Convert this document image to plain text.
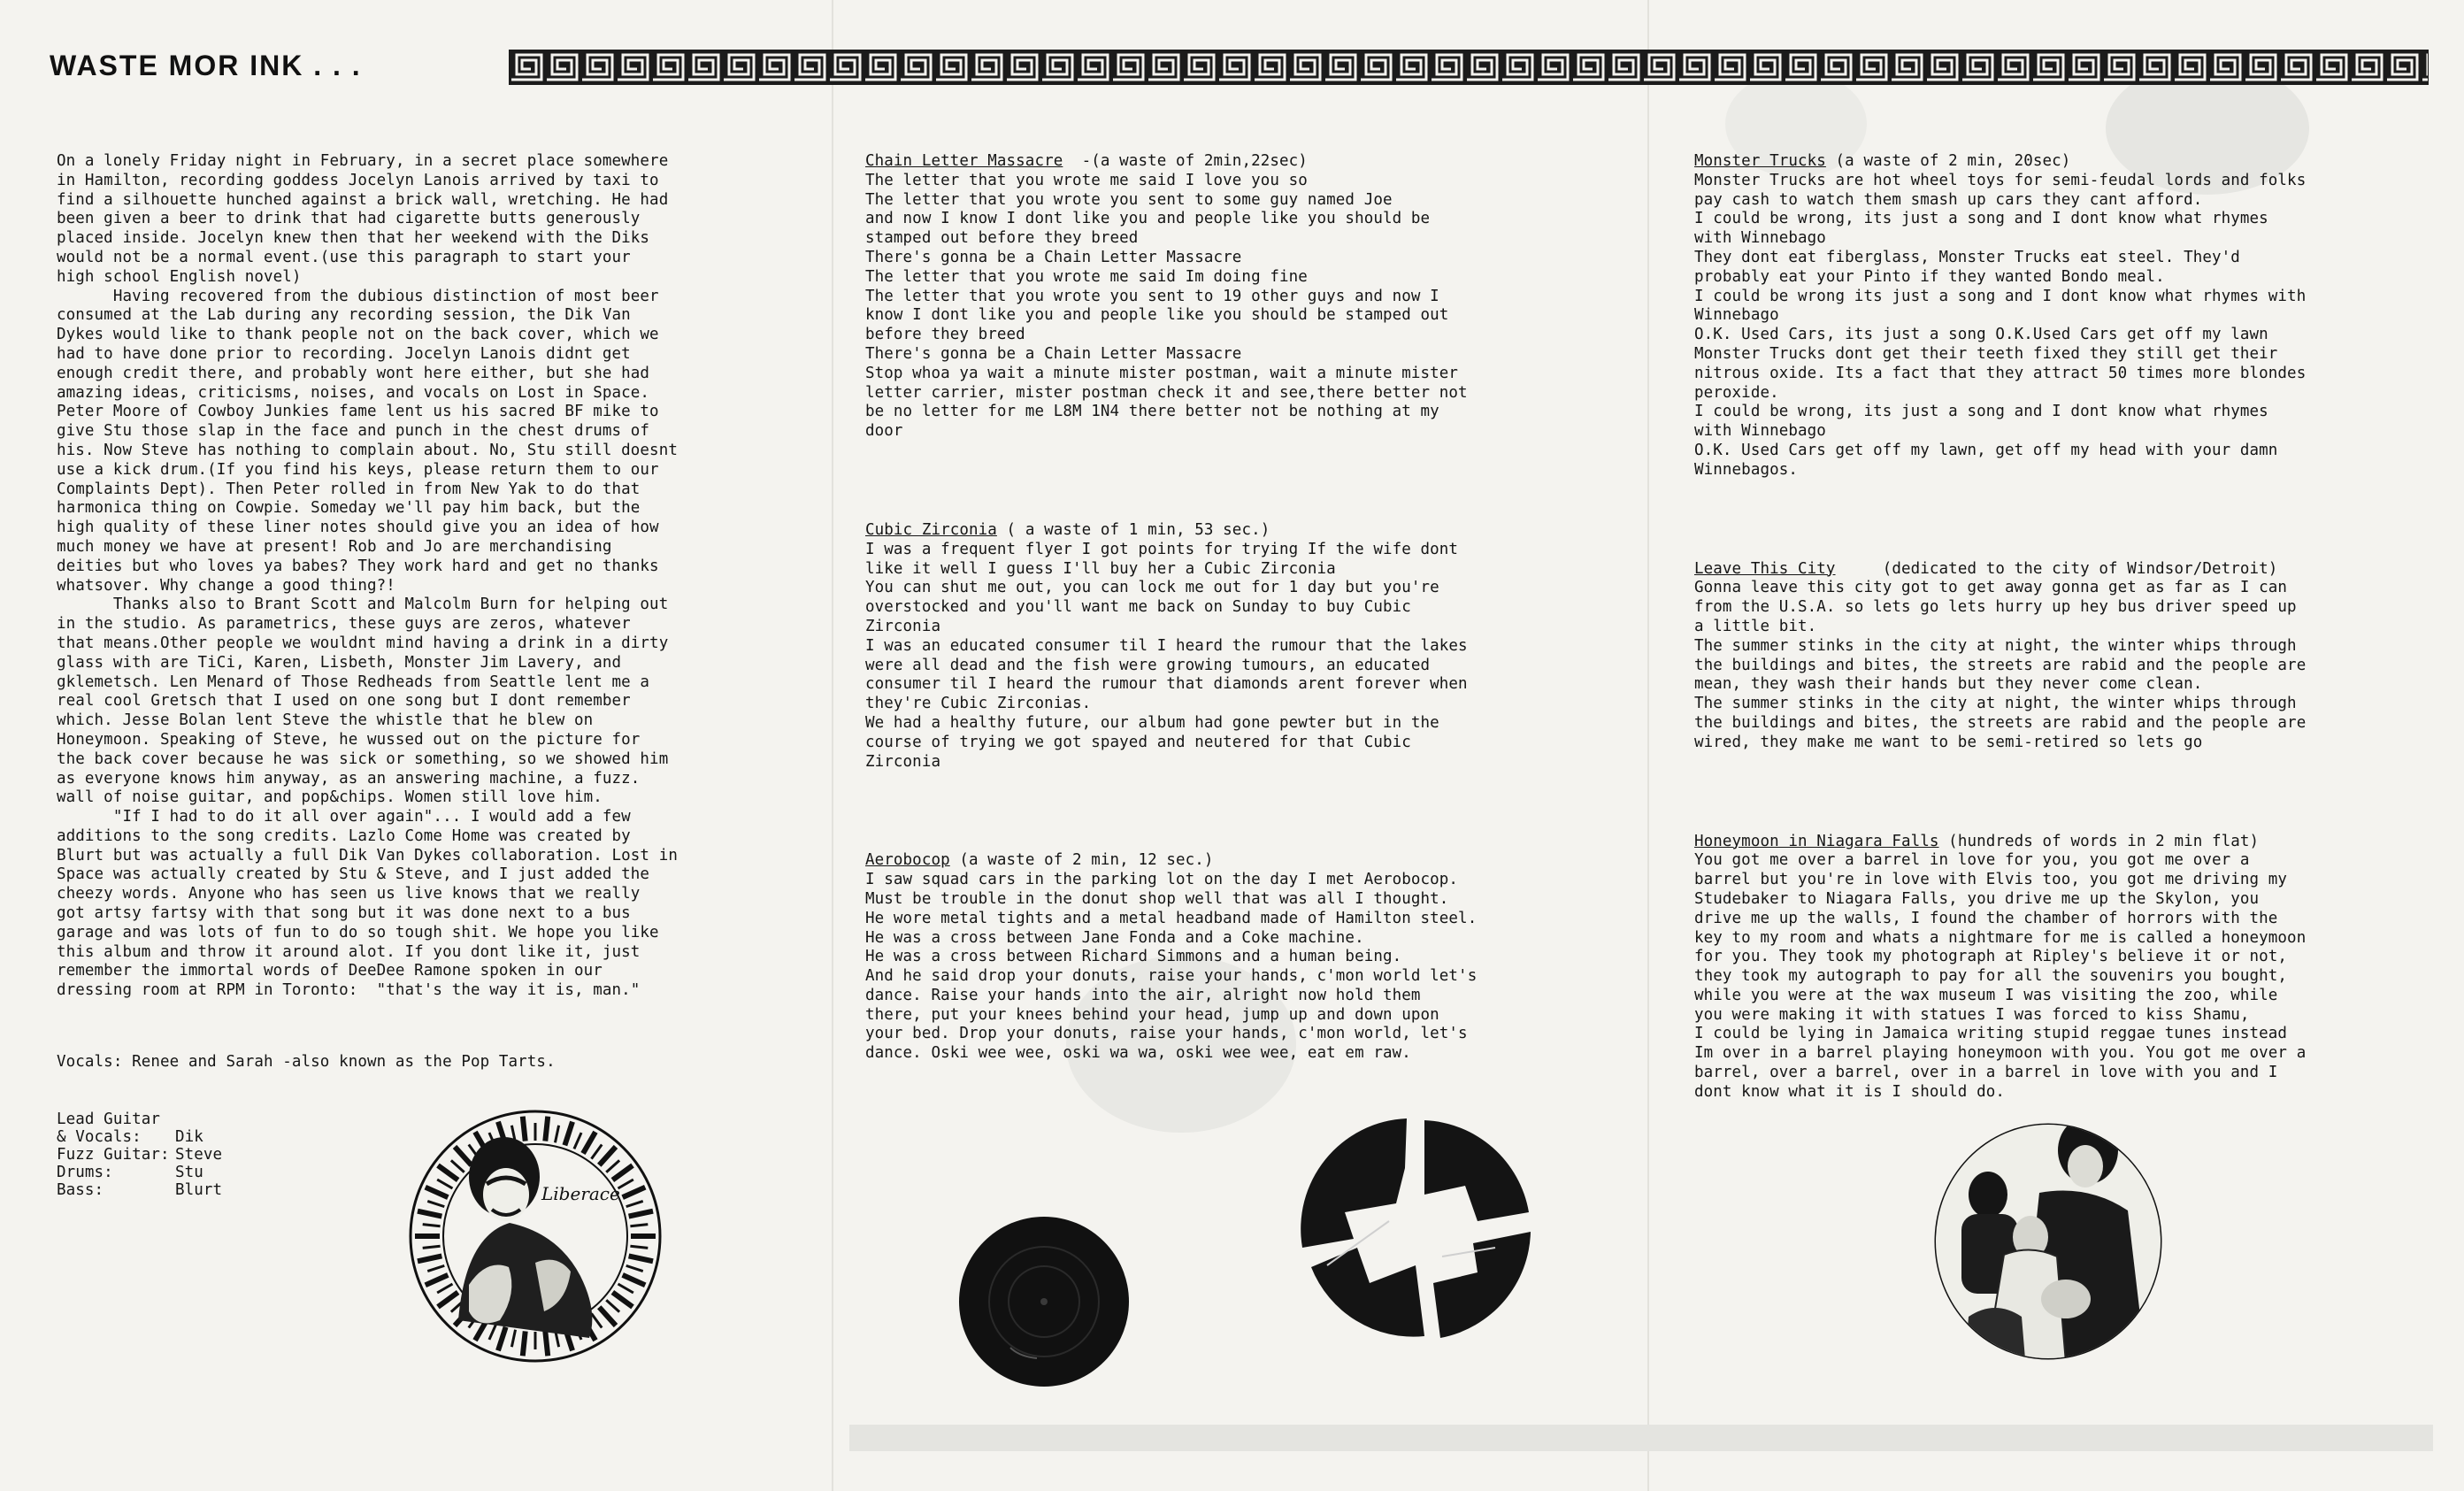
WASTE MOR INK . . .
On a lonely Friday night in February, in a secret place somewhere
in Hamilton, recording goddess Jocelyn Lanois arrived by taxi to
find a silhouette hunched against a brick wall, wretching. He had
been given a beer to drink that had cigarette butts generously
placed inside. Jocelyn knew then that her weekend with the Diks
would not be a normal event.(use this paragraph to start your
high school English novel)
Having recovered from the dubious distinction of most beer
consumed at the Lab during any recording session, the Dik Van
Dykes would like to thank people not on the back cover, which we
had to have done prior to recording. Jocelyn Lanois didnt get
enough credit there, and probably wont here either, but she had
amazing ideas, criticisms, noises, and vocals on Lost in Space.
Peter Moore of Cowboy Junkies fame lent us his sacred BF mike to
give Stu those slap in the face and punch in the chest drums of
his. Now Steve has nothing to complain about. No, Stu still doesnt
use a kick drum.(If you find his keys, please return them to our
Complaints Dept). Then Peter rolled in from New Yak to do that
harmonica thing on Cowpie. Someday we'll pay him back, but the
high quality of these liner notes should give you an idea of how
much money we have at present! Rob and Jo are merchandising
deities but who loves ya babes? They work hard and get no thanks
whatsover. Why change a good thing?!
Thanks also to Brant Scott and Malcolm Burn for helping out
in the studio. As parametrics, these guys are zeros, whatever
that means.Other people we wouldnt mind having a drink in a dirty
glass with are TiCi, Karen, Lisbeth, Monster Jim Lavery, and
gklemetsch. Len Menard of Those Redheads from Seattle lent me a
real cool Gretsch that I used on one song but I dont remember
which. Jesse Bolan lent Steve the whistle that he blew on
Honeymoon. Speaking of Steve, he wussed out on the picture for
the back cover because he was sick or something, so we showed him
as everyone knows him anyway, as an answering machine, a fuzz.
wall of noise guitar, and pop&chips. Women still love him.
"If I had to do it all over again"... I would add a few
additions to the song credits. Lazlo Come Home was created by
Blurt but was actually a full Dik Van Dykes collaboration. Lost in
Space was actually created by Stu & Steve, and I just added the
cheezy words. Anyone who has seen us live knows that we really
got artsy fartsy with that song but it was done next to a bus
garage and was lots of fun to do so tough shit. We hope you like
this album and throw it around alot. If you dont like it, just
remember the immortal words of DeeDee Ramone spoken in our
dressing room at RPM in Toronto:  "that's the way it is, man."

Vocals: Renee and Sarah -also known as the Pop Tarts.

Lead Guitar
& Vocals:	Dik
Fuzz Guitar: Steve
Drums:	Stu
Bass:	Blurt	Liberace
Chain Letter Massacre  -(a waste of 2min,22sec)
The letter that you wrote me said I love you so
The letter that you wrote you sent to some guy named Joe
and now I know I dont like you and people like you should be
stamped out before they breed
There's gonna be a Chain Letter Massacre
The letter that you wrote me said Im doing fine
The letter that you wrote you sent to 19 other guys and now I
know I dont like you and people like you should be stamped out
before they breed
There's gonna be a Chain Letter Massacre
Stop whoa ya wait a minute mister postman, wait a minute mister
letter carrier, mister postman check it and see,there better not
be no letter for me L8M 1N4 there better not be nothing at my
door
Cubic Zirconia ( a waste of 1 min, 53 sec.)
I was a frequent flyer I got points for trying If the wife dont
like it well I guess I'll buy her a Cubic Zirconia
You can shut me out, you can lock me out for 1 day but you're
overstocked and you'll want me back on Sunday to buy Cubic
Zirconia
I was an educated consumer til I heard the rumour that the lakes
were all dead and the fish were growing tumours, an educated
consumer til I heard the rumour that diamonds arent forever when
they're Cubic Zirconias.
We had a healthy future, our album had gone pewter but in the
course of trying we got spayed and neutered for that Cubic
Zirconia
Aerobocop (a waste of 2 min, 12 sec.)
I saw squad cars in the parking lot on the day I met Aerobocop.
Must be trouble in the donut shop well that was all I thought.
He wore metal tights and a metal headband made of Hamilton steel.
He was a cross between Jane Fonda and a Coke machine.
He was a cross between Richard Simmons and a human being.
And he said drop your donuts, raise your hands, c'mon world let's
dance. Raise your hands into the air, alright now hold them
there, put your knees behind your head, jump up and down upon
your bed. Drop your donuts, raise your hands, c'mon world, let's
dance. Oski wee wee, oski wa wa, oski wee wee, eat em raw.
Monster Trucks (a waste of 2 min, 20sec)
Monster Trucks are hot wheel toys for semi-feudal lords and folks
pay cash to watch them smash up cars they cant afford.
I could be wrong, its just a song and I dont know what rhymes
with Winnebago
They dont eat fiberglass, Monster Trucks eat steel. They'd
probably eat your Pinto if they wanted Bondo meal.
I could be wrong its just a song and I dont know what rhymes with
Winnebago
O.K. Used Cars, its just a song O.K.Used Cars get off my lawn
Monster Trucks dont get their teeth fixed they still get their
nitrous oxide. Its a fact that they attract 50 times more blondes
peroxide.
I could be wrong, its just a song and I dont know what rhymes
with Winnebago
O.K. Used Cars get off my lawn, get off my head with your damn
Winnebagos.
Leave This City     (dedicated to the city of Windsor/Detroit)
Gonna leave this city got to get away gonna get as far as I can
from the U.S.A. so lets go lets hurry up hey bus driver speed up
a little bit.
The summer stinks in the city at night, the winter whips through
the buildings and bites, the streets are rabid and the people are
mean, they wash their hands but they never come clean.
The summer stinks in the city at night, the winter whips through
the buildings and bites, the streets are rabid and the people are
wired, they make me want to be semi-retired so lets go
Honeymoon in Niagara Falls (hundreds of words in 2 min flat)
You got me over a barrel in love for you, you got me over a
barrel but you're in love with Elvis too, you got me driving my
Studebaker to Niagara Falls, you drive me up the Skylon, you
drive me up the walls, I found the chamber of horrors with the
key to my room and whats a nightmare for me is called a honeymoon
for you. They took my photograph at Ripley's believe it or not,
they took my autograph to pay for all the souvenirs you bought,
while you were at the wax museum I was visiting the zoo, while
you were making it with statues I was forced to kiss Shamu,
I could be lying in Jamaica writing stupid reggae tunes instead
Im over in a barrel playing honeymoon with you. You got me over a
barrel, over a barrel, over in a barrel in love with you and I
dont know what it is I should do.
